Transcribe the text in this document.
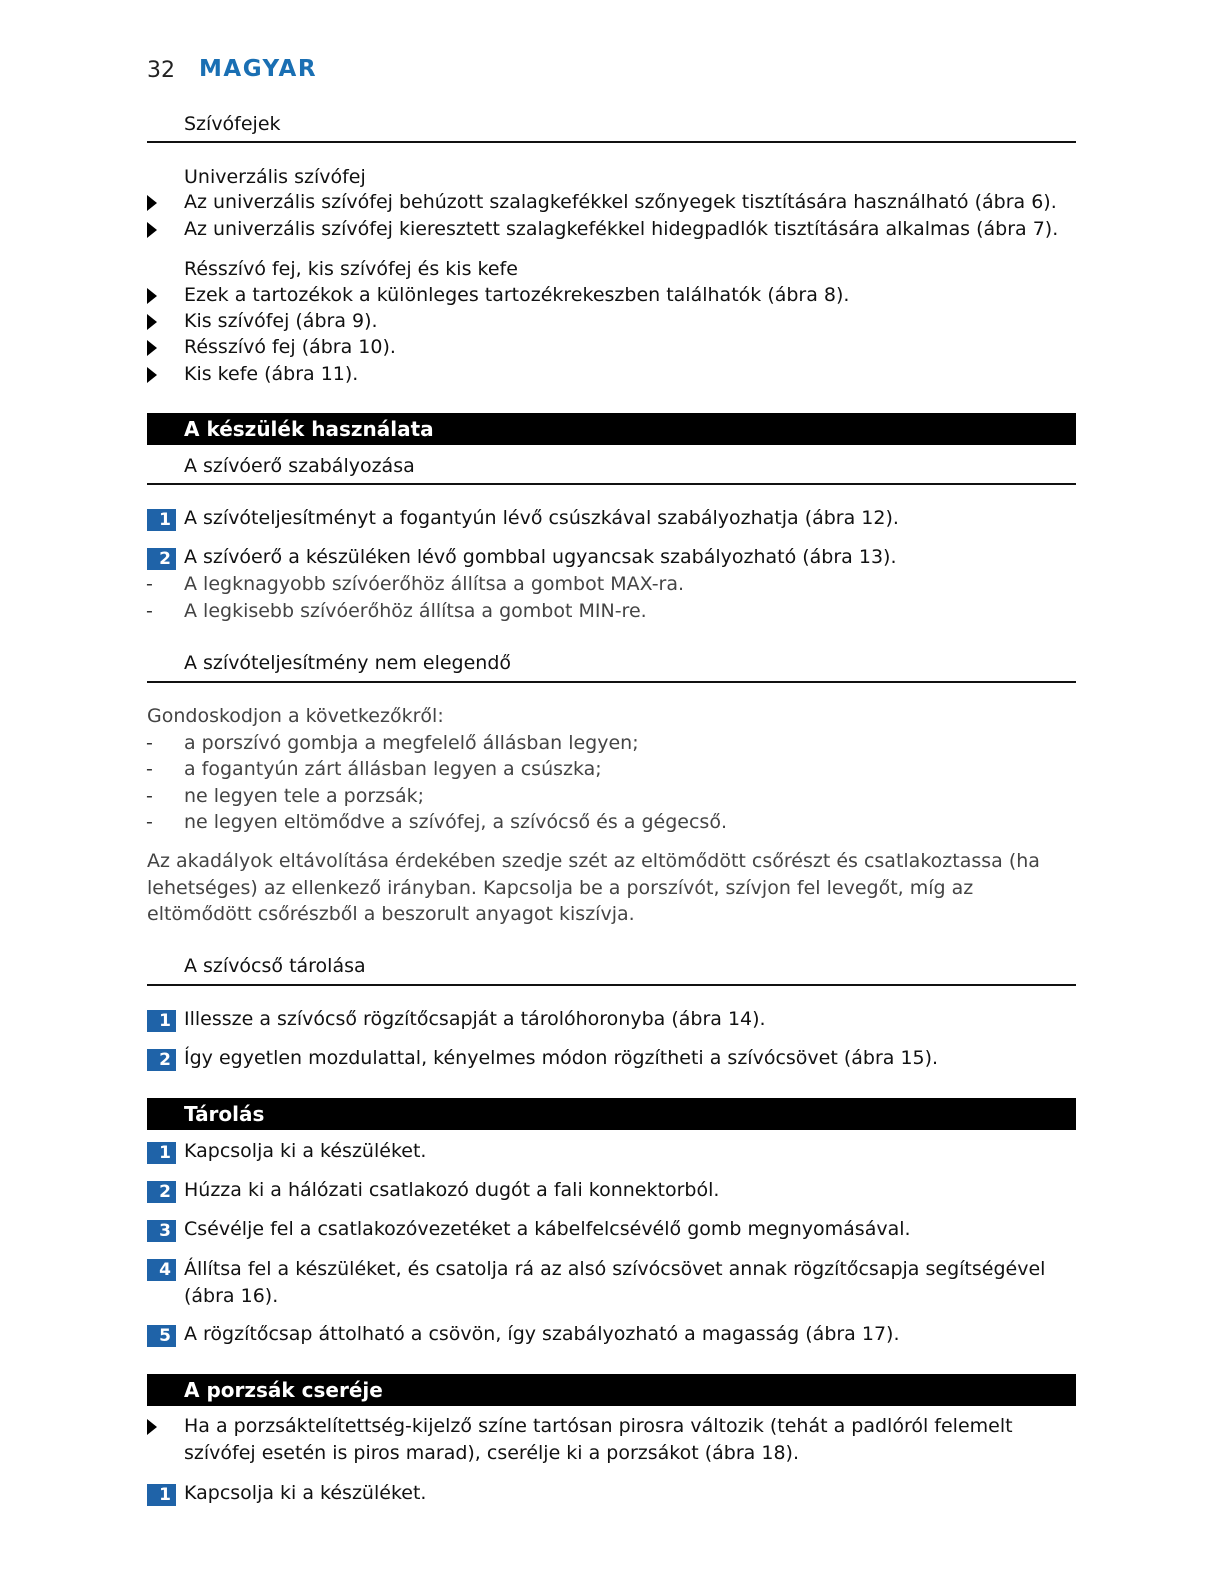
32 MAGYAR
Szívófejek
Univerzális szívófej
Az univerzális szívófej behúzott szalagkefékkel szőnyegek tisztítására használható (ábra 6).
Az univerzális szívófej kieresztett szalagkefékkel hidegpadlók tisztítására alkalmas (ábra 7).
Résszívó fej, kis szívófej és kis kefe
Ezek a tartozékok a különleges tartozékrekeszben találhatók (ábra 8).
Kis szívófej (ábra 9).
Résszívó fej (ábra 10).
Kis kefe (ábra 11).
A készülék használata
A szívóerő szabályozása
1 A szívóteljesítményt a fogantyún lévő csúszkával szabályozhatja (ábra 12).
2 A szívóerő a készüléken lévő gombbal ugyancsak szabályozható (ábra 13).
- A legknagyobb szívóerőhöz állítsa a gombot MAX-ra.
- A legkisebb szívóerőhöz állítsa a gombot MIN-re.
A szívóteljesítmény nem elegendő
Gondoskodjon a következőkről:
- a porszívó gombja a megfelelő állásban legyen;
- a fogantyún zárt állásban legyen a csúszka;
- ne legyen tele a porzsák;
- ne legyen eltömődve a szívófej, a szívócső és a gégecső.
Az akadályok eltávolítása érdekében szedje szét az eltömődött csőrészt és csatlakoztassa (ha lehetséges) az ellenkező irányban. Kapcsolja be a porszívót, szívjon fel levegőt, míg az eltömődött csőrészből a beszorult anyagot kiszívja.
A szívócső tárolása
1 Illessze a szívócső rögzítőcsapját a tárolóhoronyba (ábra 14).
2 Így egyetlen mozdulattal, kényelmes módon rögzítheti a szívócsövet (ábra 15).
Tárolás
1 Kapcsolja ki a készüléket.
2 Húzza ki a hálózati csatlakozó dugót a fali konnektorból.
3 Csévélje fel a csatlakozóvezetéket a kábelfelcsévélő gomb megnyomásával.
4 Állítsa fel a készüléket, és csatolja rá az alsó szívócsövet annak rögzítőcsapja segítségével (ábra 16).
5 A rögzítőcsap áttolható a csövön, így szabályozható a magasság (ábra 17).
A porzsák cseréje
Ha a porzsáktelítettség-kijelző színe tartósan pirosra változik (tehát a padlóról felemelt szívófej esetén is piros marad), cserélje ki a porzsákot (ábra 18).
1 Kapcsolja ki a készüléket.
